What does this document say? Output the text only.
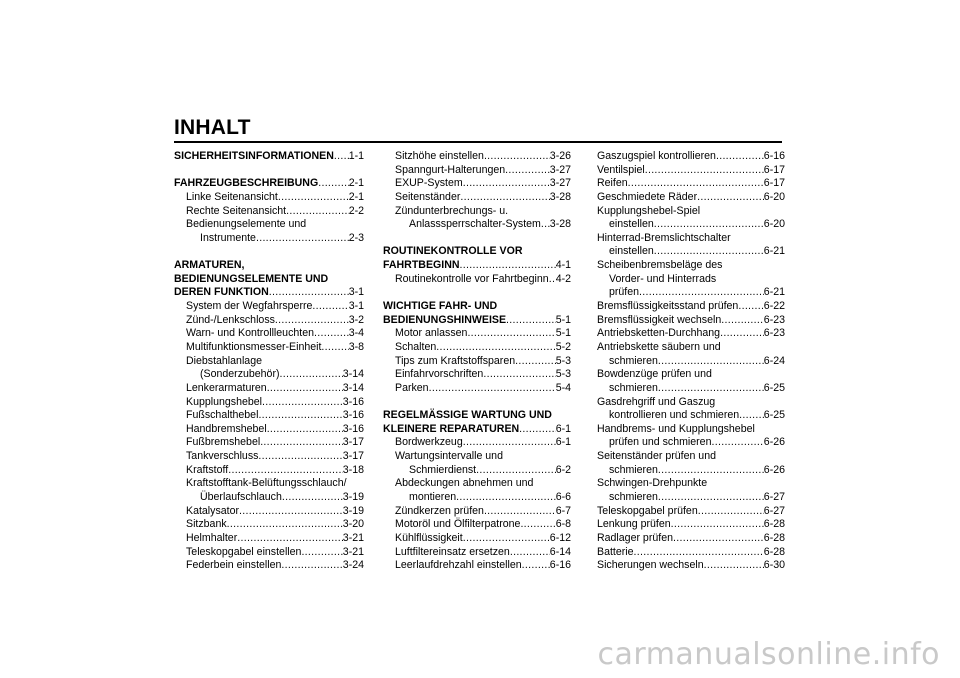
INHALT
SICHERHEITSINFORMATIONEN ..... 1-1
FAHRZEUGBESCHREIBUNG .....	2-1
Linke Seitenansicht .....	2-1
Rechte Seitenansicht .....	2-2
Bedienungselemente und
Instrumente .....	2-3
ARMATUREN,
BEDIENUNGSELEMENTE UND
DEREN FUNKTION .....	3-1
System der Wegfahrsperre .....	3-1
Zünd-/Lenkschloss .....	3-2
Warn- und Kontrollleuchten .....	3-4
Multifunktionsmesser-Einheit .....	3-8
Diebstahlanlage
(Sonderzubehör) .....	3-14
Lenkerarmaturen .....	3-14
Kupplungshebel .....	3-16
Fußschalthebel .....	3-16
Handbremshebel .....	3-16
Fußbremshebel .....	3-17
Tankverschluss .....	3-17
Kraftstoff .....	3-18
Kraftstofftank-Belüftungsschlauch/
Überlaufschlauch .....	3-19
Katalysator .....	3-19
Sitzbank .....	3-20
Helmhalter .....	3-21
Teleskopgabel einstellen .....	3-21
Federbein einstellen .....	3-24
Sitzhöhe einstellen .....	3-26
Spanngurt-Halterungen .....	3-27
EXUP-System .....	3-27
Seitenständer .....	3-28
Zündunterbrechungs- u.
Anlasssperrschalter-System ..... 3-28
ROUTINEKONTROLLE VOR
FAHRTBEGINN .....	4-1
Routinekontrolle vor Fahrtbeginn ..... 4-2
WICHTIGE FAHR- UND
BEDIENUNGSHINWEISE .....	5-1
Motor anlassen .....	5-1
Schalten .....	5-2
Tips zum Kraftstoffsparen .....	5-3
Einfahrvorschriften .....	5-3
Parken .....	5-4
REGELMÄSSIGE WARTUNG UND
KLEINERE REPARATUREN .....	6-1
Bordwerkzeug .....	6-1
Wartungsintervalle und
Schmierdienst .....	6-2
Abdeckungen abnehmen und
montieren .....	6-6
Zündkerzen prüfen .....	6-7
Motoröl und Ölfilterpatrone .....	6-8
Kühlflüssigkeit .....	6-12
Luftfiltereinsatz ersetzen .....	6-14
Leerlaufdrehzahl einstellen .....	6-16
Gaszugspiel kontrollieren .....	6-16
Ventilspiel .....	6-17
Reifen .....	6-17
Geschmiedete Räder .....	6-20
Kupplungshebel-Spiel
einstellen .....	6-20
Hinterrad-Bremslichtschalter
einstellen .....	6-21
Scheibenbremsbeläge des
Vorder- und Hinterrads
prüfen .....	6-21
Bremsflüssigkeitsstand prüfen ..... 6-22
Bremsflüssigkeit wechseln .....	6-23
Antriebsketten-Durchhang .....	6-23
Antriebskette säubern und
schmieren .....	6-24
Bowdenzüge prüfen und
schmieren .....	6-25
Gasdrehgriff und Gaszug
kontrollieren und schmieren ..... 6-25
Handbrems- und Kupplungshebel
prüfen und schmieren .....	6-26
Seitenständer prüfen und
schmieren .....	6-26
Schwingen-Drehpunkte
schmieren .....	6-27
Teleskopgabel prüfen .....	6-27
Lenkung prüfen .....	6-28
Radlager prüfen .....	6-28
Batterie .....	6-28
Sicherungen wechseln .....	6-30
carmanualsonline.info
